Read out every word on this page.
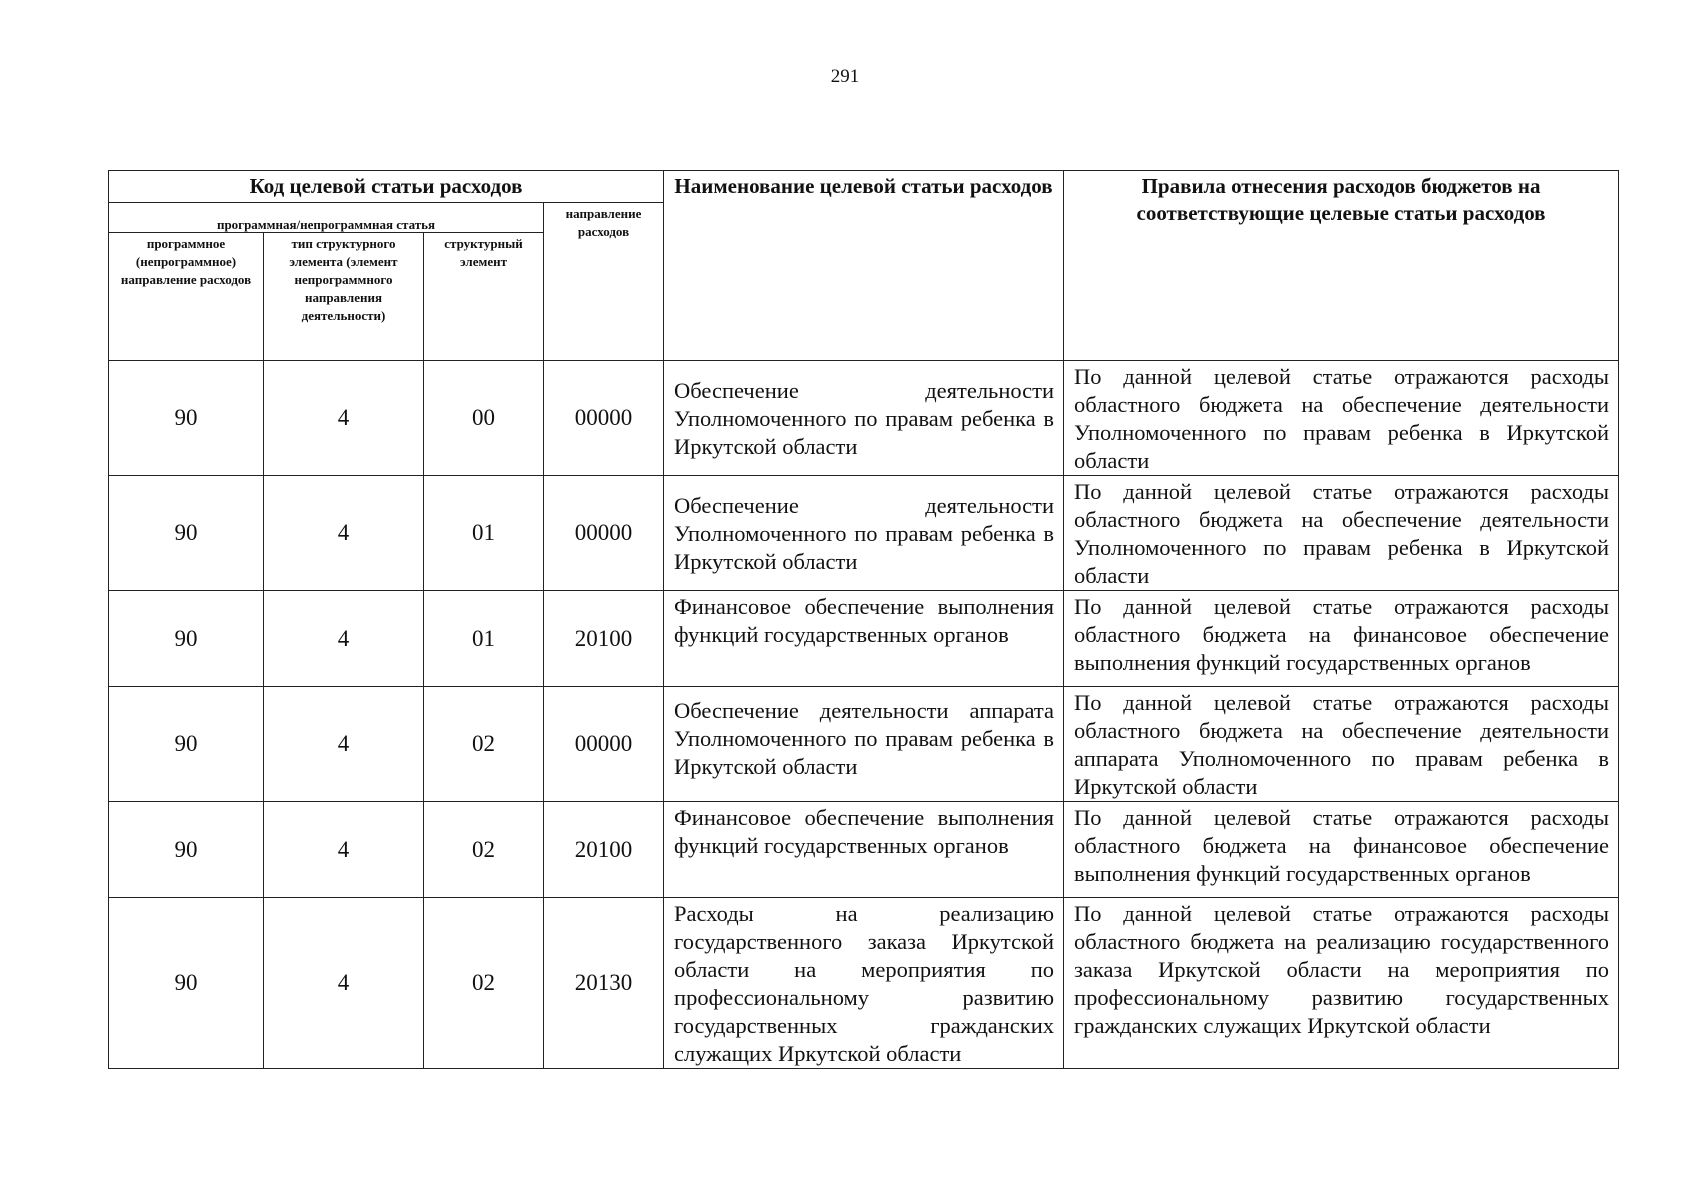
291
Код целевой статьи расходов				Наименование целевой статьи расходов	Правила отнесения расходов бюджетов на соответствующие целевые статьи расходов
программная/непрограммная статья			направление расходов		
программное (непрограммное) направление расходов	тип структурного элемента (элемент непрограммного направления деятельности)	структурный элемент			
90	4	00	00000	Обеспечение деятельности Уполномоченного по правам ребенка в Иркутской области	По данной целевой статье отражаются расходы областного бюджета на обеспечение деятельности Уполномоченного по правам ребенка в Иркутской области
90	4	01	00000	Обеспечение деятельности Уполномоченного по правам ребенка в Иркутской области	По данной целевой статье отражаются расходы областного бюджета на обеспечение деятельности Уполномоченного по правам ребенка в Иркутской области
90	4	01	20100	Финансовое обеспечение выполнения функций государственных органов	По данной целевой статье отражаются расходы областного бюджета на финансовое обеспечение выполнения функций государственных органов
90	4	02	00000	Обеспечение деятельности аппарата Уполномоченного по правам ребенка в Иркутской области	По данной целевой статье отражаются расходы областного бюджета на обеспечение деятельности аппарата Уполномоченного по правам ребенка в Иркутской области
90	4	02	20100	Финансовое обеспечение выполнения функций государственных органов	По данной целевой статье отражаются расходы областного бюджета на финансовое обеспечение выполнения функций государственных органов
90	4	02	20130	Расходы на реализацию государственного заказа Иркутской области на мероприятия по профессиональному развитию государственных гражданских служащих Иркутской области	По данной целевой статье отражаются расходы областного бюджета на реализацию государственного заказа Иркутской области на мероприятия по профессиональному развитию государственных гражданских служащих Иркутской области
